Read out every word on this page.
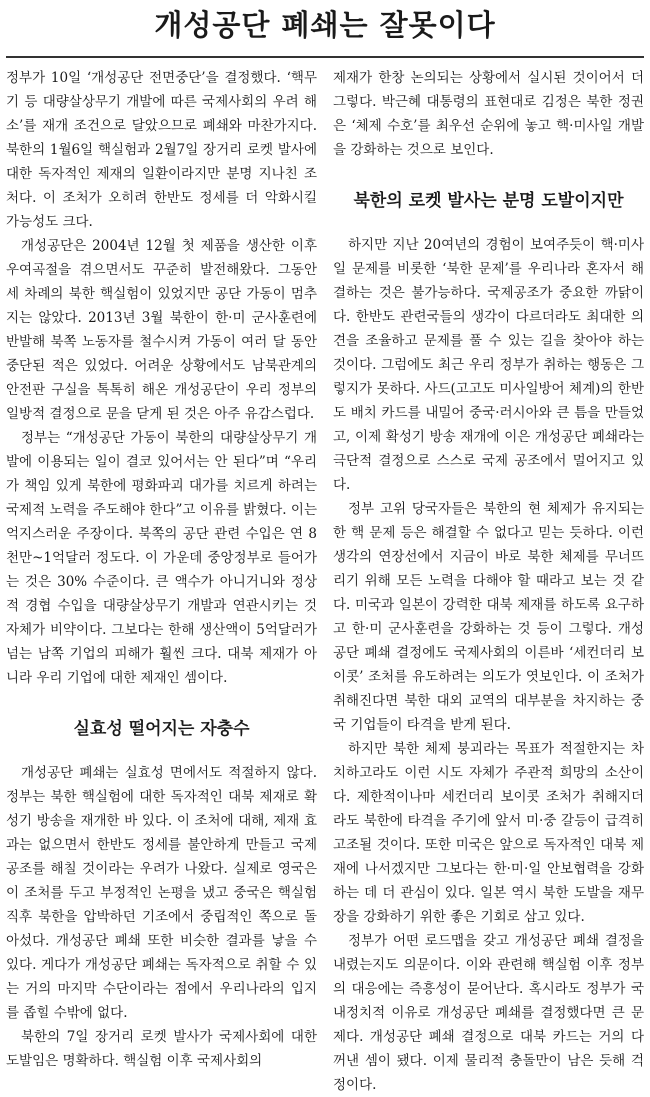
개성공단 폐쇄는 잘못이다

정부가 10일 ‘개성공단 전면중단’을 결정했다. ‘핵무기 등 대량살상무기 개발에 따른 국제사회의 우려 해소’를 재개 조건으로 달았으므로 폐쇄와 마찬가지다. 북한의 1월6일 핵실험과 2월7일 장거리 로켓 발사에 대한 독자적인 제재의 일환이라지만 분명 지나친 조처다. 이 조처가 오히려 한반도 정세를 더 악화시킬 가능성도 크다.

개성공단은 2004년 12월 첫 제품을 생산한 이후 우여곡절을 겪으면서도 꾸준히 발전해왔다. 그동안 세 차례의 북한 핵실험이 있었지만 공단 가동이 멈추지는 않았다. 2013년 3월 북한이 한·미 군사훈련에 반발해 북쪽 노동자를 철수시켜 가동이 여러 달 동안 중단된 적은 있었다. 어려운 상황에서도 남북관계의 안전판 구실을 톡톡히 해온 개성공단이 우리 정부의 일방적 결정으로 문을 닫게 된 것은 아주 유감스럽다.

정부는 “개성공단 가동이 북한의 대량살상무기 개발에 이용되는 일이 결코 있어서는 안 된다”며 “우리가 책임 있게 북한에 평화파괴 대가를 치르게 하려는 국제적 노력을 주도해야 한다”고 이유를 밝혔다. 이는 억지스러운 주장이다. 북쪽의 공단 관련 수입은 연 8천만~1억달러 정도다. 이 가운데 중앙정부로 들어가는 것은 30% 수준이다. 큰 액수가 아니거니와 정상적 경협 수입을 대량살상무기 개발과 연관시키는 것 자체가 비약이다. 그보다는 한해 생산액이 5억달러가 넘는 남쪽 기업의 피해가 훨씬 크다. 대북 제재가 아니라 우리 기업에 대한 제재인 셈이다.

실효성 떨어지는 자충수

개성공단 폐쇄는 실효성 면에서도 적절하지 않다. 정부는 북한 핵실험에 대한 독자적인 대북 제재로 확성기 방송을 재개한 바 있다. 이 조처에 대해, 제재 효과는 없으면서 한반도 정세를 불안하게 만들고 국제공조를 해칠 것이라는 우려가 나왔다. 실제로 영국은 이 조처를 두고 부정적인 논평을 냈고 중국은 핵실험 직후 북한을 압박하던 기조에서 중립적인 쪽으로 돌아섰다. 개성공단 폐쇄 또한 비슷한 결과를 낳을 수 있다. 게다가 개성공단 폐쇄는 독자적으로 취할 수 있는 거의 마지막 수단이라는 점에서 우리나라의 입지를 좁힐 수밖에 없다.

북한의 7일 장거리 로켓 발사가 국제사회에 대한 도발임은 명확하다. 핵실험 이후 국제사회의

제재가 한창 논의되는 상황에서 실시된 것이어서 더 그렇다. 박근혜 대통령의 표현대로 김정은 북한 정권은 ‘체제 수호’를 최우선 순위에 놓고 핵·미사일 개발을 강화하는 것으로 보인다.

북한의 로켓 발사는 분명 도발이지만

하지만 지난 20여년의 경험이 보여주듯이 핵·미사일 문제를 비롯한 ‘북한 문제’를 우리나라 혼자서 해결하는 것은 불가능하다. 국제공조가 중요한 까닭이다. 한반도 관련국들의 생각이 다르더라도 최대한 의견을 조율하고 문제를 풀 수 있는 길을 찾아야 하는 것이다. 그럼에도 최근 우리 정부가 취하는 행동은 그렇지가 못하다. 사드(고고도 미사일방어 체계)의 한반도 배치 카드를 내밀어 중국·러시아와 큰 틈을 만들었고, 이제 확성기 방송 재개에 이은 개성공단 폐쇄라는 극단적 결정으로 스스로 국제 공조에서 멀어지고 있다.

정부 고위 당국자들은 북한의 현 체제가 유지되는 한 핵 문제 등은 해결할 수 없다고 믿는 듯하다. 이런 생각의 연장선에서 지금이 바로 북한 체제를 무너뜨리기 위해 모든 노력을 다해야 할 때라고 보는 것 같다. 미국과 일본이 강력한 대북 제재를 하도록 요구하고 한·미 군사훈련을 강화하는 것 등이 그렇다. 개성공단 폐쇄 결정에도 국제사회의 이른바 ‘세컨더리 보이콧’ 조처를 유도하려는 의도가 엿보인다. 이 조처가 취해진다면 북한 대외 교역의 대부분을 차지하는 중국 기업들이 타격을 받게 된다.

하지만 북한 체제 붕괴라는 목표가 적절한지는 차치하고라도 이런 시도 자체가 주관적 희망의 소산이다. 제한적이나마 세컨더리 보이콧 조처가 취해지더라도 북한에 타격을 주기에 앞서 미·중 갈등이 급격히 고조될 것이다. 또한 미국은 앞으로 독자적인 대북 제재에 나서겠지만 그보다는 한·미·일 안보협력을 강화하는 데 더 관심이 있다. 일본 역시 북한 도발을 재무장을 강화하기 위한 좋은 기회로 삼고 있다.

정부가 어떤 로드맵을 갖고 개성공단 폐쇄 결정을 내렸는지도 의문이다. 이와 관련해 핵실험 이후 정부의 대응에는 즉흥성이 묻어난다. 혹시라도 정부가 국내정치적 이유로 개성공단 폐쇄를 결정했다면 큰 문제다. 개성공단 폐쇄 결정으로 대북 카드는 거의 다 꺼낸 셈이 됐다. 이제 물리적 충돌만이 남은 듯해 걱정이다.
